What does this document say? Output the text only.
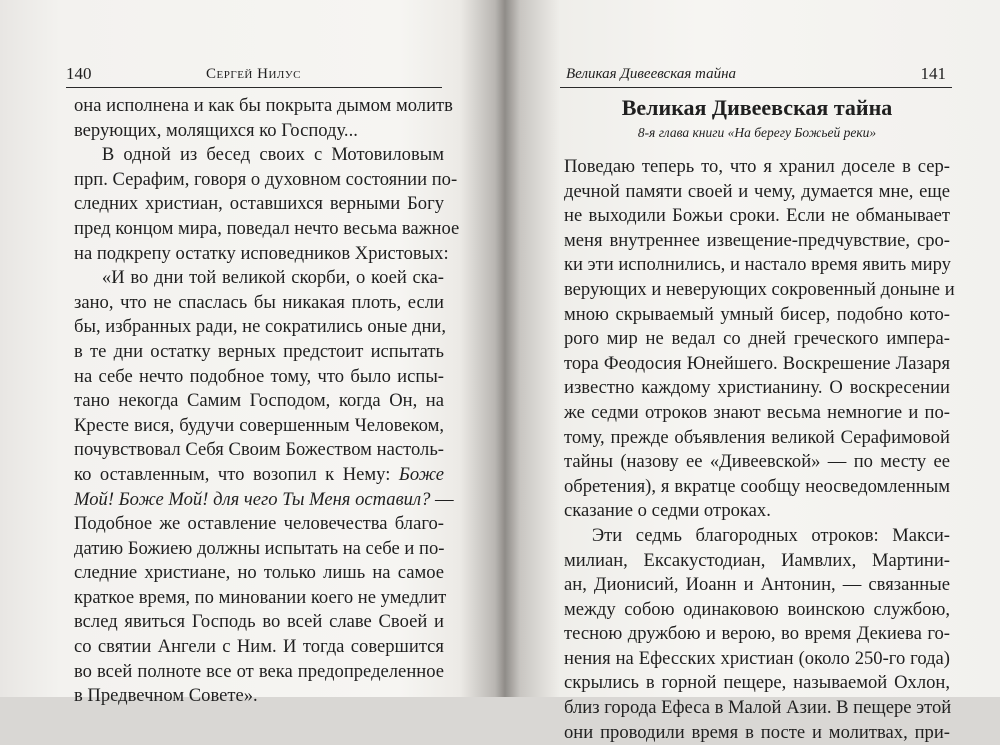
140	Сергей Нилус
она исполнена и как бы покрыта дымом молитв
верующих, молящихся ко Господу...
  В одной из бесед своих с Мотовиловым
прп. Серафим, говоря о духовном состоянии по-
следних христиан, оставшихся верными Богу
пред концом мира, поведал нечто весьма важное
на подкрепу остатку исповедников Христовых:
  «И во дни той великой скорби, о коей ска-
зано, что не спаслась бы никакая плоть, если
бы, избранных ради, не сократились оные дни,
в те дни остатку верных предстоит испытать
на себе нечто подобное тому, что было испы-
тано некогда Самим Господом, когда Он, на
Кресте вися, будучи совершенным Человеком,
почувствовал Себя Своим Божеством настоль-
ко оставленным, что возопил к Нему: Боже
Мой! Боже Мой! для чего Ты Меня оставил? —
Подобное же оставление человечества благо-
датию Божиею должны испытать на себе и по-
следние христиане, но только лишь на самое
краткое время, по миновании коего не умедлит
вслед явиться Господь во всей славе Своей и
со святии Ангели с Ним. И тогда совершится
во всей полноте все от века предопределенное
в Предвечном Совете».
Великая Дивеевская тайна	141
Великая Дивеевская тайна
8-я глава книги «На берегу Божьей реки»
Поведаю теперь то, что я хранил доселе в сер-
дечной памяти своей и чему, думается мне, еще
не выходили Божьи сроки. Если не обманывает
меня внутреннее извещение-предчувствие, сро-
ки эти исполнились, и настало время явить миру
верующих и неверующих сокровенный доныне и
мною скрываемый умный бисер, подобно кото-
рого мир не ведал со дней греческого импера-
тора Феодосия Юнейшего. Воскрешение Лазаря
известно каждому христианину. О воскресении
же седми отроков знают весьма немногие и по-
тому, прежде объявления великой Серафимовой
тайны (назову ее «Дивеевской» — по месту ее
обретения), я вкратце сообщу неосведомленным
сказание о седми отроках.
  Эти седмь благородных отроков: Макси-
милиан, Ексакустодиан, Иамвлих, Мартини-
ан, Дионисий, Иоанн и Антонин, — связанные
между собою одинаковою воинскою службою,
тесною дружбою и верою, во время Декиева го-
нения на Ефесских христиан (около 250-го года)
скрылись в горной пещере, называемой Охлон,
близ города Ефеса в Малой Азии. В пещере этой
они проводили время в посте и молитвах, при-
